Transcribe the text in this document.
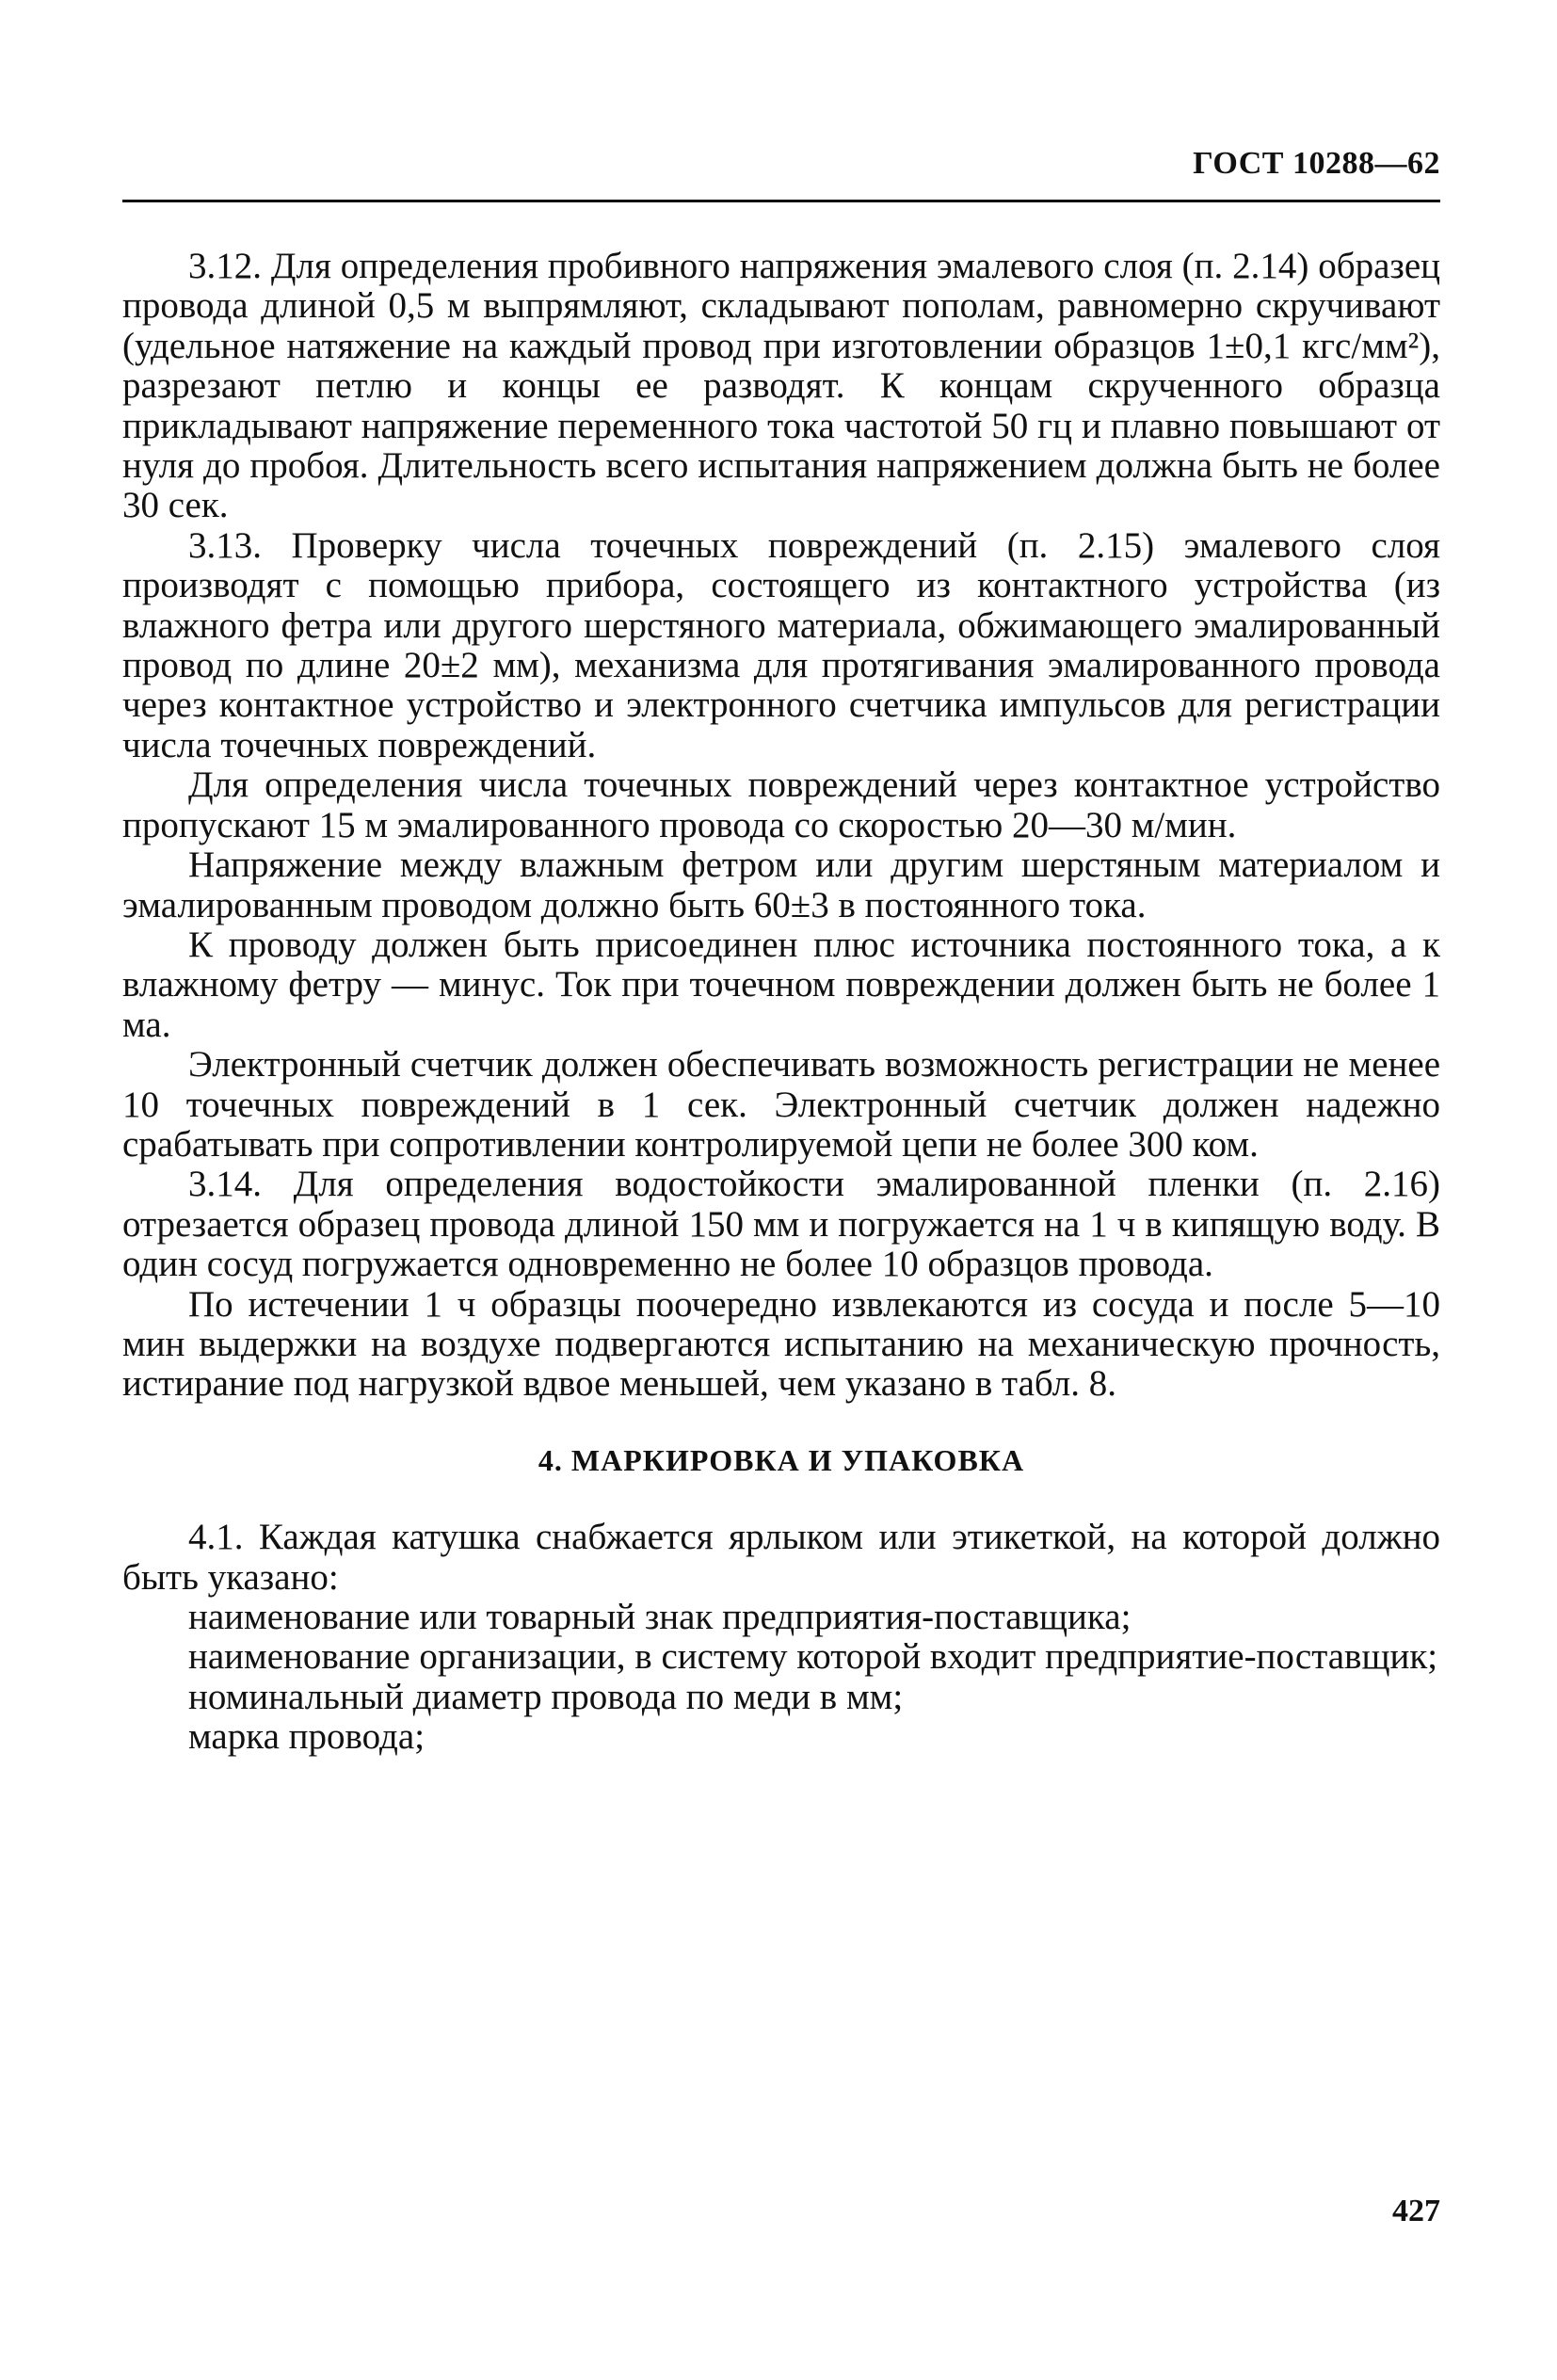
ГОСТ 10288—62

3.12. Для определения пробивного напряжения эмалевого слоя (п. 2.14) образец провода длиной 0,5 м выпрямляют, складывают пополам, равномерно скручивают (удельное натяжение на каждый провод при изготовлении образцов 1±0,1 кгс/мм²), разрезают петлю и концы ее разводят. К концам скрученного образца прикладывают напряжение переменного тока частотой 50 гц и плавно повышают от нуля до пробоя. Длительность всего испытания напряжением должна быть не более 30 сек.

3.13. Проверку числа точечных повреждений (п. 2.15) эмалевого слоя производят с помощью прибора, состоящего из контактного устройства (из влажного фетра или другого шерстяного материала, обжимающего эмалированный провод по длине 20±2 мм), механизма для протягивания эмалированного провода через контактное устройство и электронного счетчика импульсов для регистрации числа точечных повреждений.

Для определения числа точечных повреждений через контактное устройство пропускают 15 м эмалированного провода со скоростью 20—30 м/мин.

Напряжение между влажным фетром или другим шерстяным материалом и эмалированным проводом должно быть 60±3 в постоянного тока.

К проводу должен быть присоединен плюс источника постоянного тока, а к влажному фетру — минус. Ток при точечном повреждении должен быть не более 1 ма.

Электронный счетчик должен обеспечивать возможность регистрации не менее 10 точечных повреждений в 1 сек. Электронный счетчик должен надежно срабатывать при сопротивлении контролируемой цепи не более 300 ком.

3.14. Для определения водостойкости эмалированной пленки (п. 2.16) отрезается образец провода длиной 150 мм и погружается на 1 ч в кипящую воду. В один сосуд погружается одновременно не более 10 образцов провода.

По истечении 1 ч образцы поочередно извлекаются из сосуда и после 5—10 мин выдержки на воздухе подвергаются испытанию на механическую прочность, истирание под нагрузкой вдвое меньшей, чем указано в табл. 8.

4. МАРКИРОВКА И УПАКОВКА

4.1. Каждая катушка снабжается ярлыком или этикеткой, на которой должно быть указано:

наименование или товарный знак предприятия-поставщика;

наименование организации, в систему которой входит предприятие-поставщик;

номинальный диаметр провода по меди в мм;

марка провода;

427
